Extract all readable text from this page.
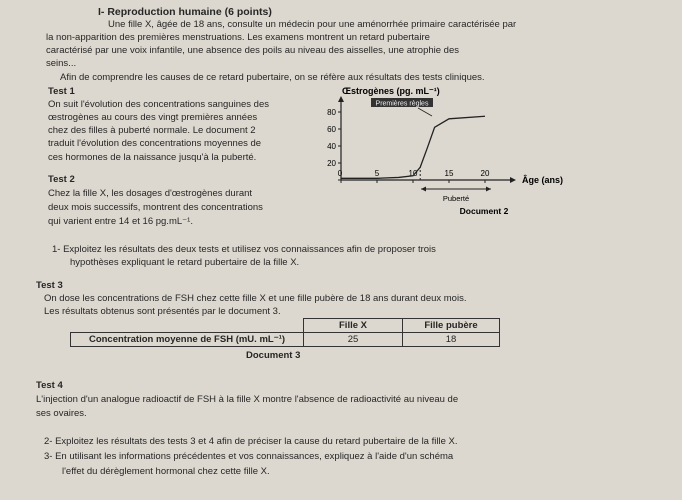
I- Reproduction humaine (6 points)
Une fille X, âgée de 18 ans, consulte un médecin pour une aménorrhée primaire caractérisée par
la non-apparition des premières menstruations. Les examens montrent un retard pubertaire
caractérisé par une voix infantile, une absence des poils au niveau des aisselles, une atrophie des
seins...
Afin de comprendre les causes de ce retard pubertaire, on se réfère aux résultats des tests cliniques.
Test 1
On suit l'évolution des concentrations sanguines des
œstrogènes au cours des vingt premières années
chez des filles à puberté normale. Le document 2
traduit l'évolution des concentrations moyennes de
ces hormones de la naissance jusqu'à la puberté.
Test 2
Chez la fille X, les dosages d'œstrogènes durant
deux mois successifs, montrent des concentrations
qui varient entre 14 et 16 pg.mL⁻¹.
Œstrogènes (pg. mL⁻¹)
Âge (ans)
20
40
60
80
0	5	10	15	20
Premières règles
Puberté
Document 2
1- Exploitez les résultats des deux tests et utilisez vos connaissances afin de proposer trois
hypothèses expliquant le retard pubertaire de la fille X.
Test 3
On dose les concentrations de FSH chez cette fille X et une fille pubère de 18 ans durant deux mois.
Les résultats obtenus sont présentés par le document 3.
	Fille X	Fille pubère
Concentration moyenne de FSH (mU. mL⁻¹)	25	18
Document 3
Test 4
L'injection d'un analogue radioactif de FSH à la fille X montre l'absence de radioactivité au niveau de
ses ovaires.
2- Exploitez les résultats des tests 3 et 4 afin de préciser la cause du retard pubertaire de la fille X.
3- En utilisant les informations précédentes et vos connaissances, expliquez à l'aide d'un schéma
l'effet du dérèglement hormonal chez cette fille X.
